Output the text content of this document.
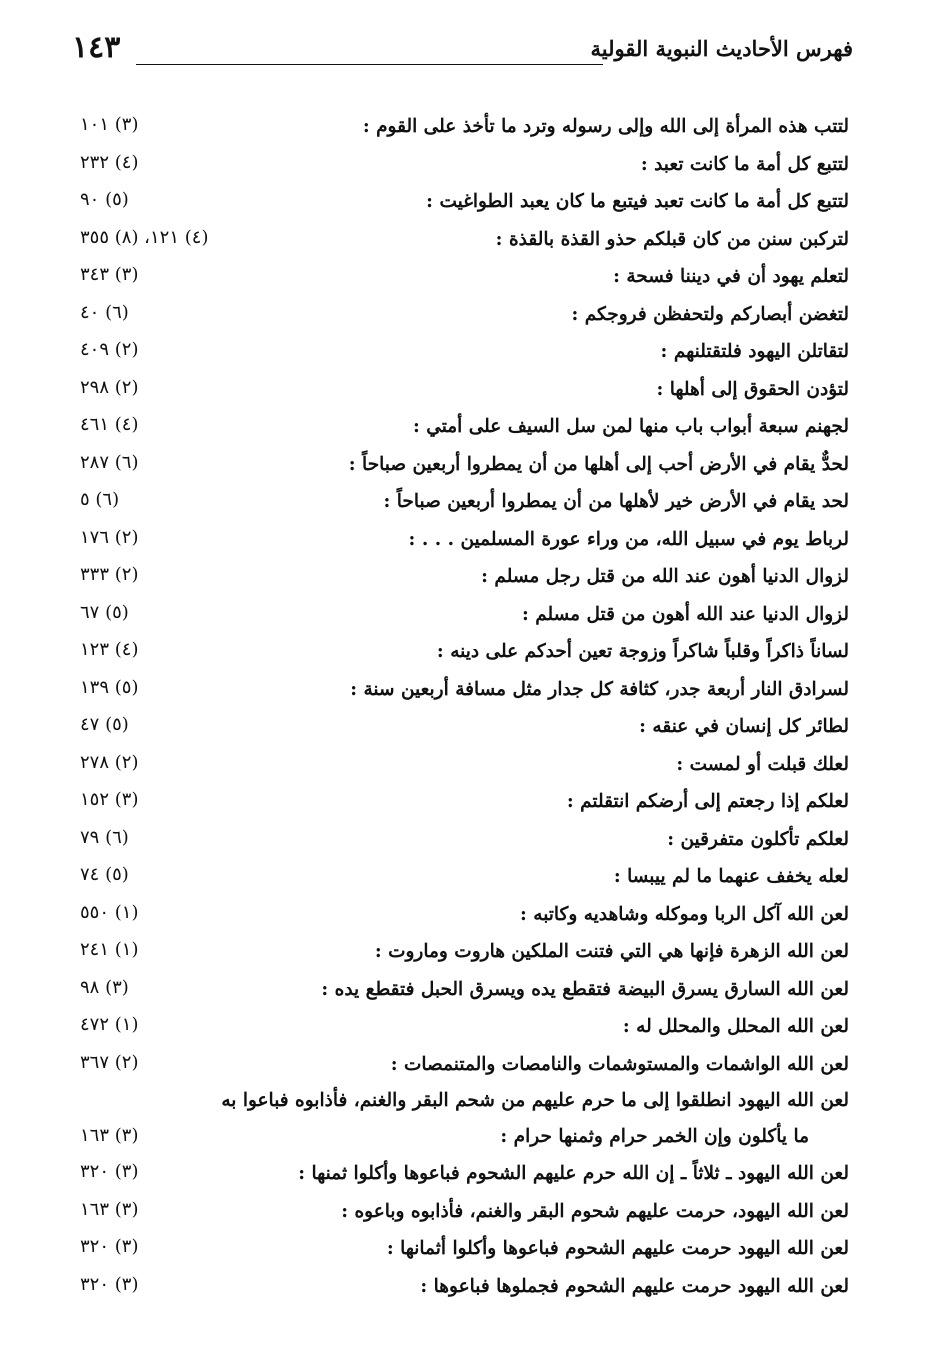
١٤٣	فهرس الأحاديث النبوية القولية
لتتب هذه المرأة إلى الله وإلى رسوله وترد ما تأخذ على القوم :
(٣) ١٠١
لتتبع كل أمة ما كانت تعبد :
(٤) ٢٣٢
لتتبع كل أمة ما كانت تعبد فيتبع ما كان يعبد الطواغيت :
(٥) ٩٠
لتركبن سنن من كان قبلكم حذو القذة بالقذة :
(٤) ١٢١، (٨) ٣٥٥
لتعلم يهود أن في ديننا فسحة :
(٣) ٣٤٣
لتغضن أبصاركم ولتحفظن فروجكم :
(٦) ٤٠
لتقاتلن اليهود فلتقتلنهم :
(٢) ٤٠٩
لتؤدن الحقوق إلى أهلها :
(٢) ٢٩٨
لجهنم سبعة أبواب باب منها لمن سل السيف على أمتي :
(٤) ٤٦١
لحدٌّ يقام في الأرض أحب إلى أهلها من أن يمطروا أربعين صباحاً :
(٦) ٢٨٧
لحد يقام في الأرض خير لأهلها من أن يمطروا أربعين صباحاً :
(٦) ٥
لرباط يوم في سبيل الله، من وراء عورة المسلمين . . . :
(٢) ١٧٦
لزوال الدنيا أهون عند الله من قتل رجل مسلم :
(٢) ٣٣٣
لزوال الدنيا عند الله أهون من قتل مسلم :
(٥) ٦٧
لساناً ذاكراً وقلباً شاكراً وزوجة تعين أحدكم على دينه :
(٤) ١٢٣
لسرادق النار أربعة جدر، كثافة كل جدار مثل مسافة أربعين سنة :
(٥) ١٣٩
لطائر كل إنسان في عنقه :
(٥) ٤٧
لعلك قبلت أو لمست :
(٢) ٢٧٨
لعلكم إذا رجعتم إلى أرضكم انتقلتم :
(٣) ١٥٢
لعلكم تأكلون متفرقين :
(٦) ٧٩
لعله يخفف عنهما ما لم ييبسا :
(٥) ٧٤
لعن الله آكل الربا وموكله وشاهديه وكاتبه :
(١) ٥٥٠
لعن الله الزهرة فإنها هي التي فتنت الملكين هاروت وماروت :
(١) ٢٤١
لعن الله السارق يسرق البيضة فتقطع يده ويسرق الحبل فتقطع يده :
(٣) ٩٨
لعن الله المحلل والمحلل له :
(١) ٤٧٢
لعن الله الواشمات والمستوشمات والنامصات والمتنمصات :
(٢) ٣٦٧
لعن الله اليهود انطلقوا إلى ما حرم عليهم من شحم البقر والغنم، فأذابوه فباعوا به
ما يأكلون وإن الخمر حرام وثمنها حرام :
(٣) ١٦٣
لعن الله اليهود ـ ثلاثاً ـ إن الله حرم عليهم الشحوم فباعوها وأكلوا ثمنها :
(٣) ٣٢٠
لعن الله اليهود، حرمت عليهم شحوم البقر والغنم، فأذابوه وباعوه :
(٣) ١٦٣
لعن الله اليهود حرمت عليهم الشحوم فباعوها وأكلوا أثمانها :
(٣) ٣٢٠
لعن الله اليهود حرمت عليهم الشحوم فجملوها فباعوها :
(٣) ٣٢٠
